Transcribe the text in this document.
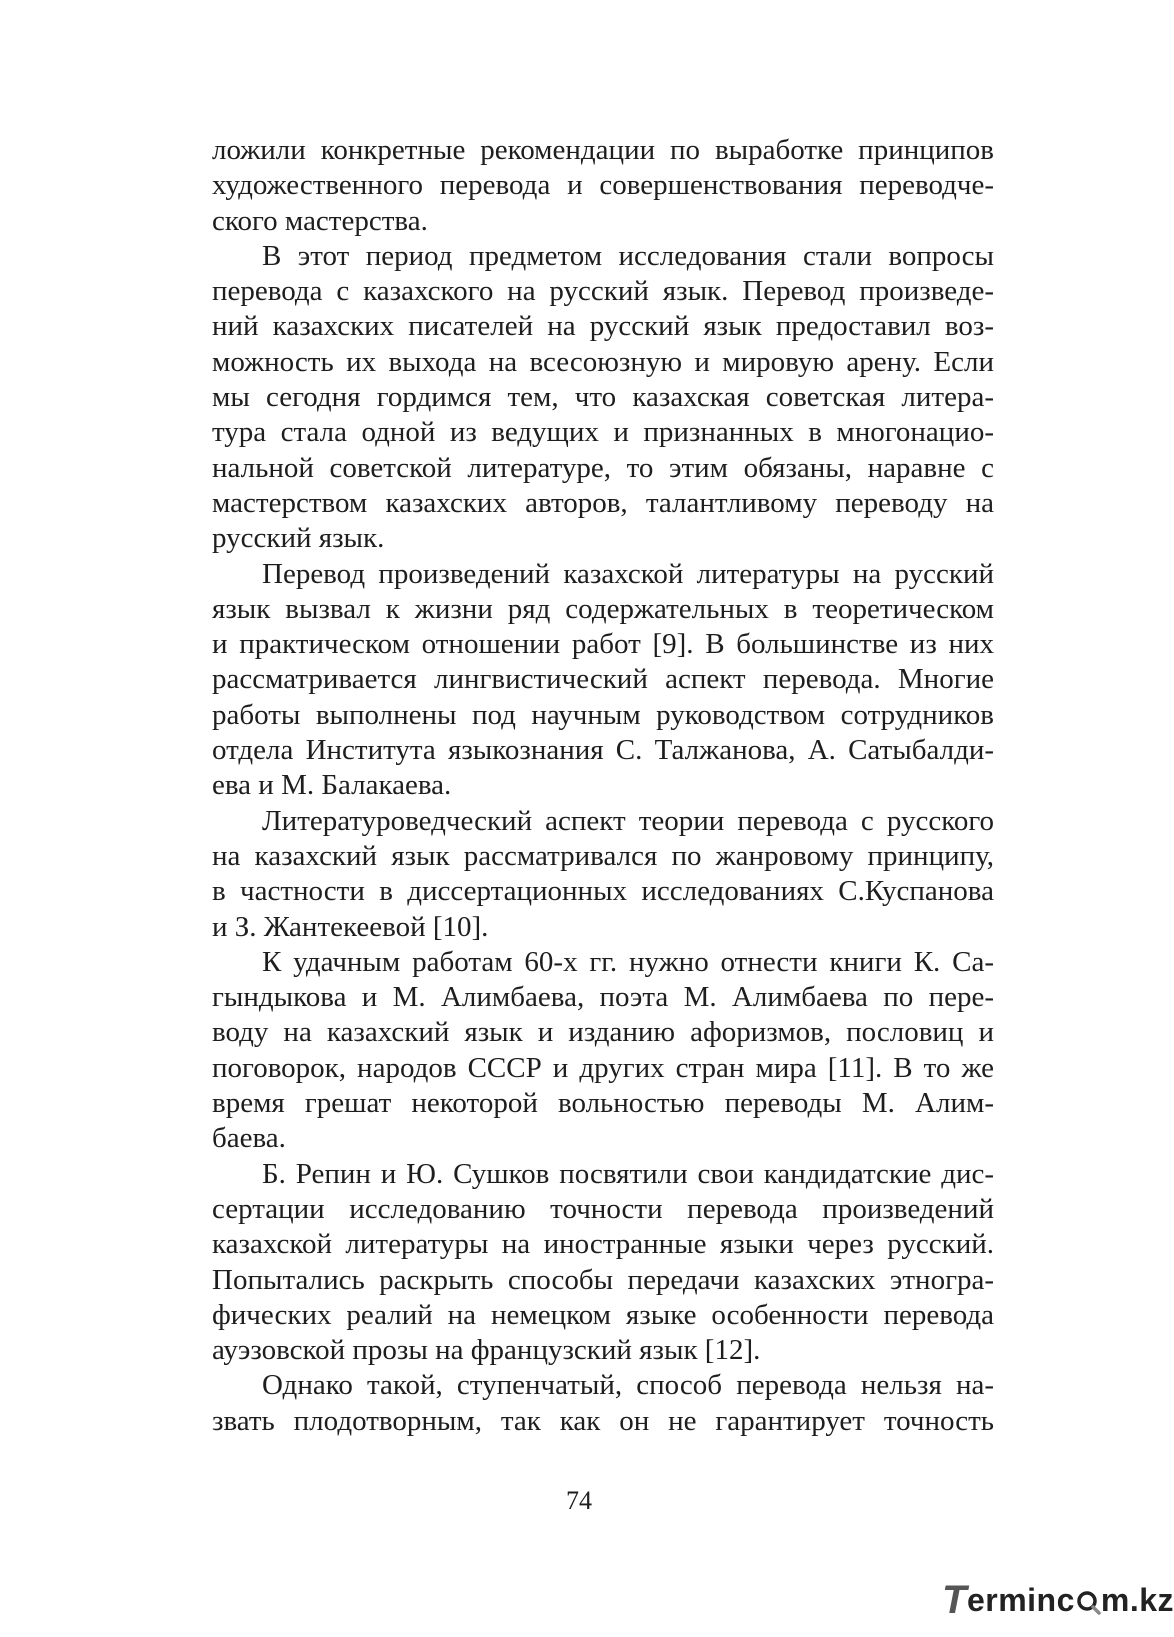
ложили конкретные рекомендации по выработке принципов
художественного перевода и совершенствования переводче-
ского мастерства.

В этот период предметом исследования стали вопросы
перевода с казахского на русский язык. Перевод произведе-
ний казахских писателей на русский язык предоставил воз-
можность их выхода на всесоюзную и мировую арену. Если
мы сегодня гордимся тем, что казахская советская литера-
тура стала одной из ведущих и признанных в многонацио-
нальной советской литературе, то этим обязаны, наравне с
мастерством казахских авторов, талантливому переводу на
русский язык.

Перевод произведений казахской литературы на русский
язык вызвал к жизни ряд содержательных в теоретическом
и практическом отношении работ [9]. В большинстве из них
рассматривается лингвистический аспект перевода. Многие
работы выполнены под научным руководством сотрудников
отдела Института языкознания С. Талжанова, А. Сатыбалди-
ева и М. Балакаева.

Литературоведческий аспект теории перевода с русского
на казахский язык рассматривался по жанровому принципу,
в частности в диссертационных исследованиях С.Куспанова
и З. Жантекеевой [10].

К удачным работам 60-х гг. нужно отнести книги К. Са-
гындыкова и М. Алимбаева, поэта М. Алимбаева по пере-
воду на казахский язык и изданию афоризмов, пословиц и
поговорок, народов СССР и других стран мира [11]. В то же
время грешат некоторой вольностью переводы М. Алим-
баева.

Б. Репин и Ю. Сушков посвятили свои кандидатские дис-
сертации исследованию точности перевода произведений
казахской литературы на иностранные языки через русский.
Попытались раскрыть способы передачи казахских этногра-
фических реалий на немецком языке особенности перевода
ауэзовской прозы на французский язык [12].

Однако такой, ступенчатый, способ перевода нельзя на-
звать плодотворным, так как он не гарантирует точность

74
T erminc m.kz
